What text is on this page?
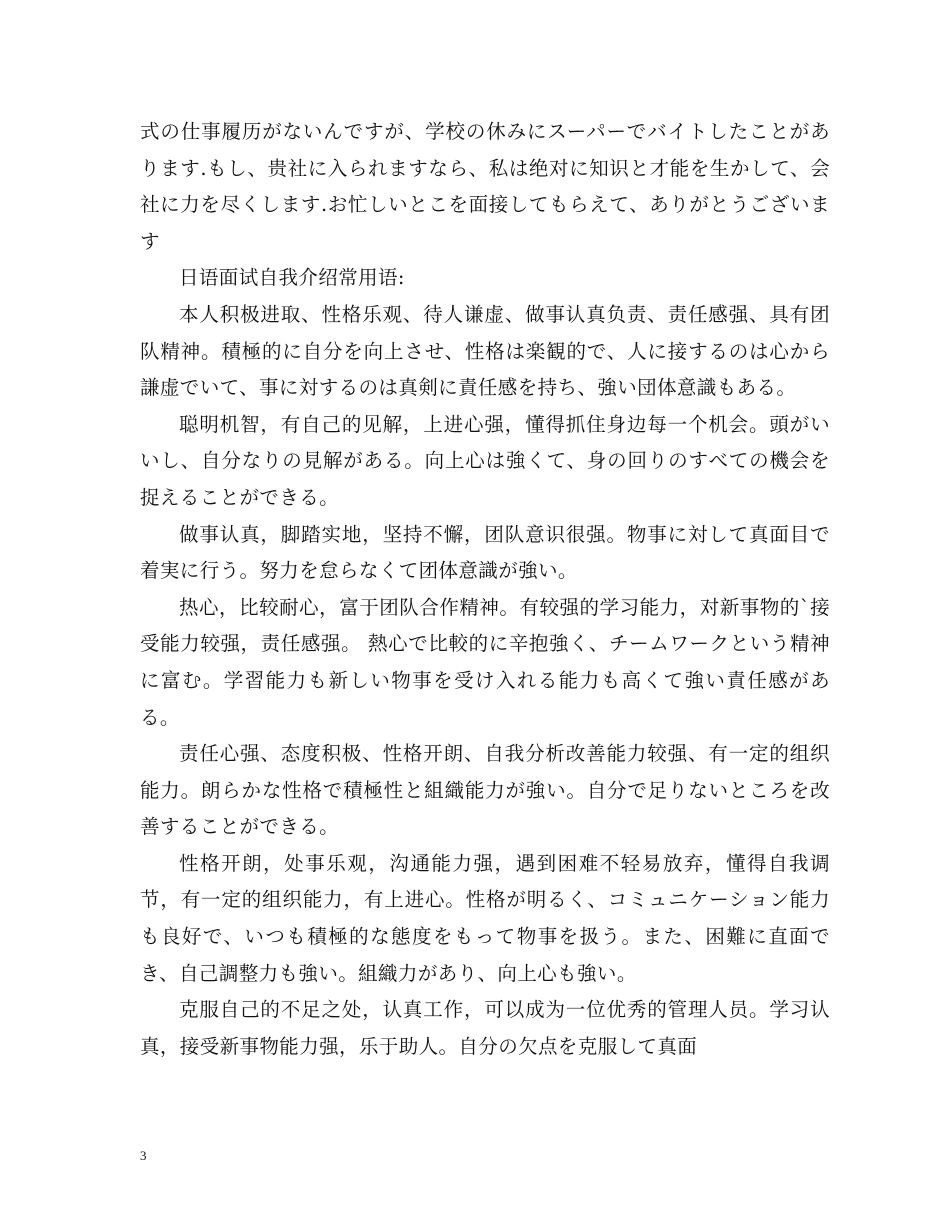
式の仕事履历がないんですが、学校の休みにスーパーでバイトしたことがあります.もし、贵社に入られますなら、私は绝对に知识と才能を生かして、会社に力を尽くします.お忙しいとこを面接してもらえて、ありがとうございます

日语面试自我介绍常用语:

本人积极进取、性格乐观、待人谦虚、做事认真负责、责任感强、具有团队精神。積極的に自分を向上させ、性格は楽観的で、人に接するのは心から謙虚でいて、事に対するのは真剣に責任感を持ち、強い団体意識もある。

聪明机智，有自己的见解，上进心强，懂得抓住身边每一个机会。頭がいいし、自分なりの見解がある。向上心は強くて、身の回りのすべての機会を捉えることができる。

做事认真，脚踏实地，坚持不懈，团队意识很强。物事に対して真面目で着実に行う。努力を怠らなくて团体意識が強い。

热心，比较耐心，富于团队合作精神。有较强的学习能力，对新事物的`接受能力较强，责任感强。 熱心で比較的に辛抱強く、チームワークという精神に富む。学習能力も新しい物事を受け入れる能力も高くて強い責任感がある。

责任心强、态度积极、性格开朗、自我分析改善能力较强、有一定的组织能力。朗らかな性格で積極性と組織能力が強い。自分で足りないところを改善することができる。

性格开朗，处事乐观，沟通能力强，遇到困难不轻易放弃，懂得自我调节，有一定的组织能力，有上进心。性格が明るく、コミュニケーション能力も良好で、いつも積極的な態度をもって物事を扱う。また、困難に直面でき、自己調整力も強い。組織力があり、向上心も強い。

克服自己的不足之处，认真工作，可以成为一位优秀的管理人员。学习认真，接受新事物能力强，乐于助人。自分の欠点を克服して真面

3
